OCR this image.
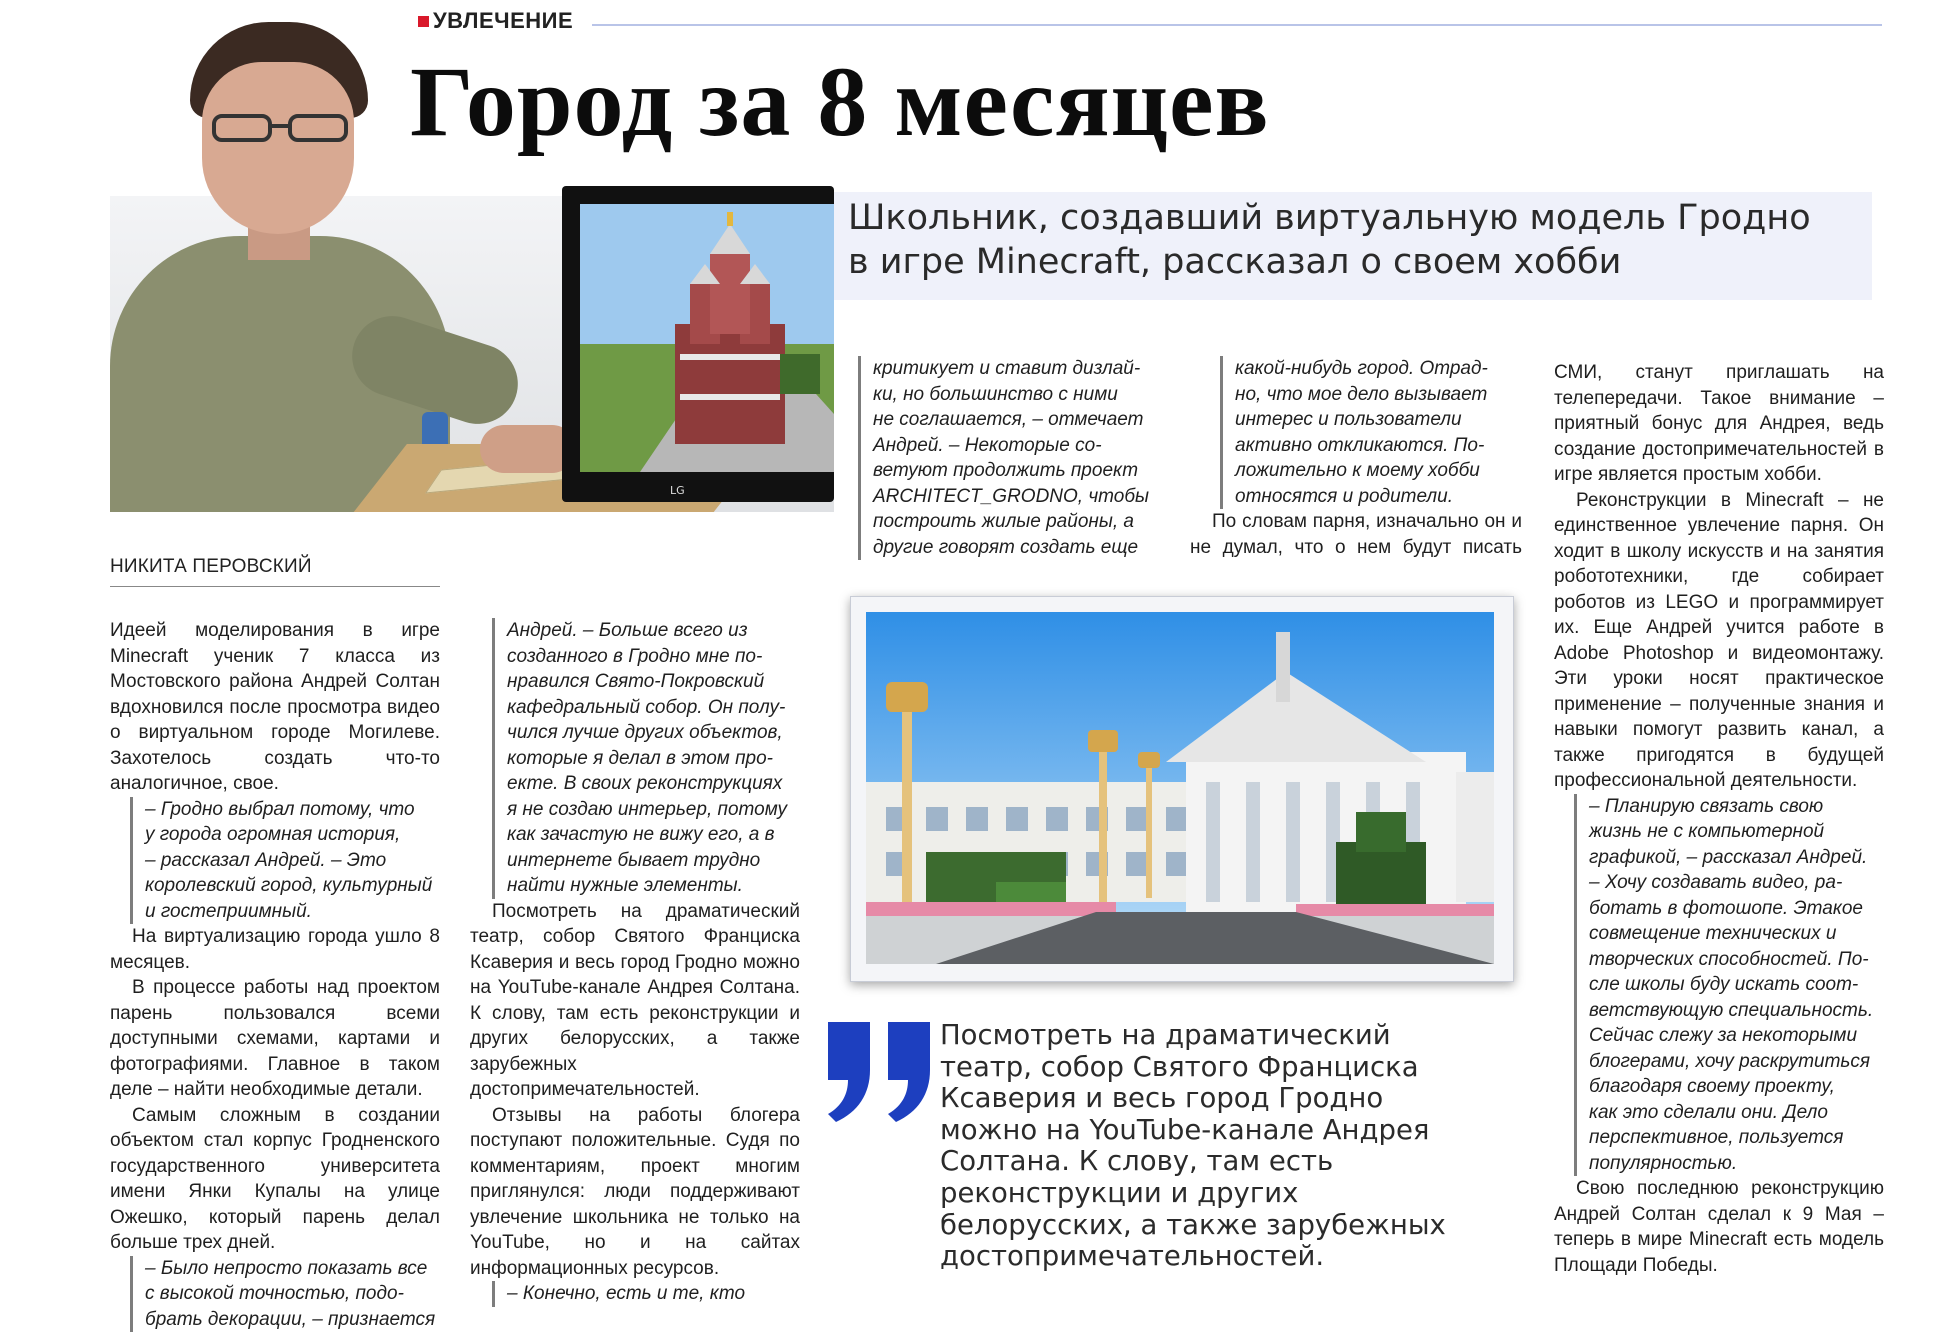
УВЛЕЧЕНИЕ
Город за 8 месяцев
LG
Школьник, создавший виртуальную модель Гродно
в игре Minecraft, рассказал о своем хобби
НИКИТА ПЕРОВСКИЙ

Идеей моделирования в игре Minecraft ученик 7 класса из Мостовского района Андрей Солтан вдохновился после просмотра видео о виртуальном городе Могилеве. Захотелось создать что-то аналогичное, свое.

– Гродно выбрал потому, что
у города огромная история,
– рассказал Андрей. – Это
королевский город, культурный
и гостеприимный.

На виртуализацию города ушло 8 месяцев.

В процессе работы над проектом парень пользовался всеми доступными схемами, картами и фотографиями. Главное в таком деле – найти необходимые детали.

Самым сложным в создании объектом стал корпус Гродненского государственного университета имени Янки Купалы на улице Ожешко, который парень делал больше трех дней.

– Было непросто показать все
с высокой точностью, подо-
брать декорации, – признается
Андрей. – Больше всего из
созданного в Гродно мне по-
нравился Свято-Покровский
кафедральный собор. Он полу-
чился лучше других объектов,
которые я делал в этом про-
екте. В своих реконструкциях
я не создаю интерьер, потому
как зачастую не вижу его, а в
интернете бывает трудно
найти нужные элементы.

Посмотреть на драматический театр, собор Святого Франциска Ксаверия и весь город Гродно можно на YouTube-канале Андрея Солтана. К слову, там есть реконструкции и других белорусских, а также зарубежных достопримечательностей.

Отзывы на работы блогера поступают положительные. Судя по комментариям, проект многим приглянулся: люди поддерживают увлечение школьника не только на YouTube, но и на сайтах информационных ресурсов.

– Конечно, есть и те, кто
критикует и ставит дизлай-
ки, но большинство с ними
не соглашается, – отмечает
Андрей. – Некоторые со-
ветуют продолжить проект
ARCHITECT_GRODNO, чтобы
построить жилые районы, а
другие говорят создать еще
какой-нибудь город. Отрад-
но, что мое дело вызывает
интерес и пользователи
активно откликаются. По-
ложительно к моему хобби
относятся и родители.

По словам парня, изначально он и не думал, что о нем будут писать

СМИ, станут приглашать на телепередачи. Такое внимание – приятный бонус для Андрея, ведь создание достопримечательностей в игре является простым хобби.

Реконструкции в Minecraft – не единственное увлечение парня. Он ходит в школу искусств и на занятия робототехники, где собирает роботов из LEGO и программирует их. Еще Андрей учится работе в Adobe Photoshop и видеомонтажу. Эти уроки носят практическое применение – полученные знания и навыки помогут развить канал, а также пригодятся в будущей профессиональной деятельности.

– Планирую связать свою
жизнь не с компьютерной
графикой, – рассказал Андрей.
– Хочу создавать видео, ра-
ботать в фотошопе. Этакое
совмещение технических и
творческих способностей. По-
сле школы буду искать соот-
ветствующую специальность.
Сейчас слежу за некоторыми
блогерами, хочу раскрутиться
благодаря своему проекту,
как это сделали они. Дело
перспективное, пользуется
популярностью.

Свою последнюю реконструкцию Андрей Солтан сделал к 9 Мая – теперь в мире Minecraft есть модель Площади Победы.

Посмотреть на драматический
театр, собор Святого Франциска
Ксаверия и весь город Гродно
можно на YouTube-канале Андрея
Солтана. К слову, там есть
реконструкции и других
белорусских, а также зарубежных
достопримечательностей.
